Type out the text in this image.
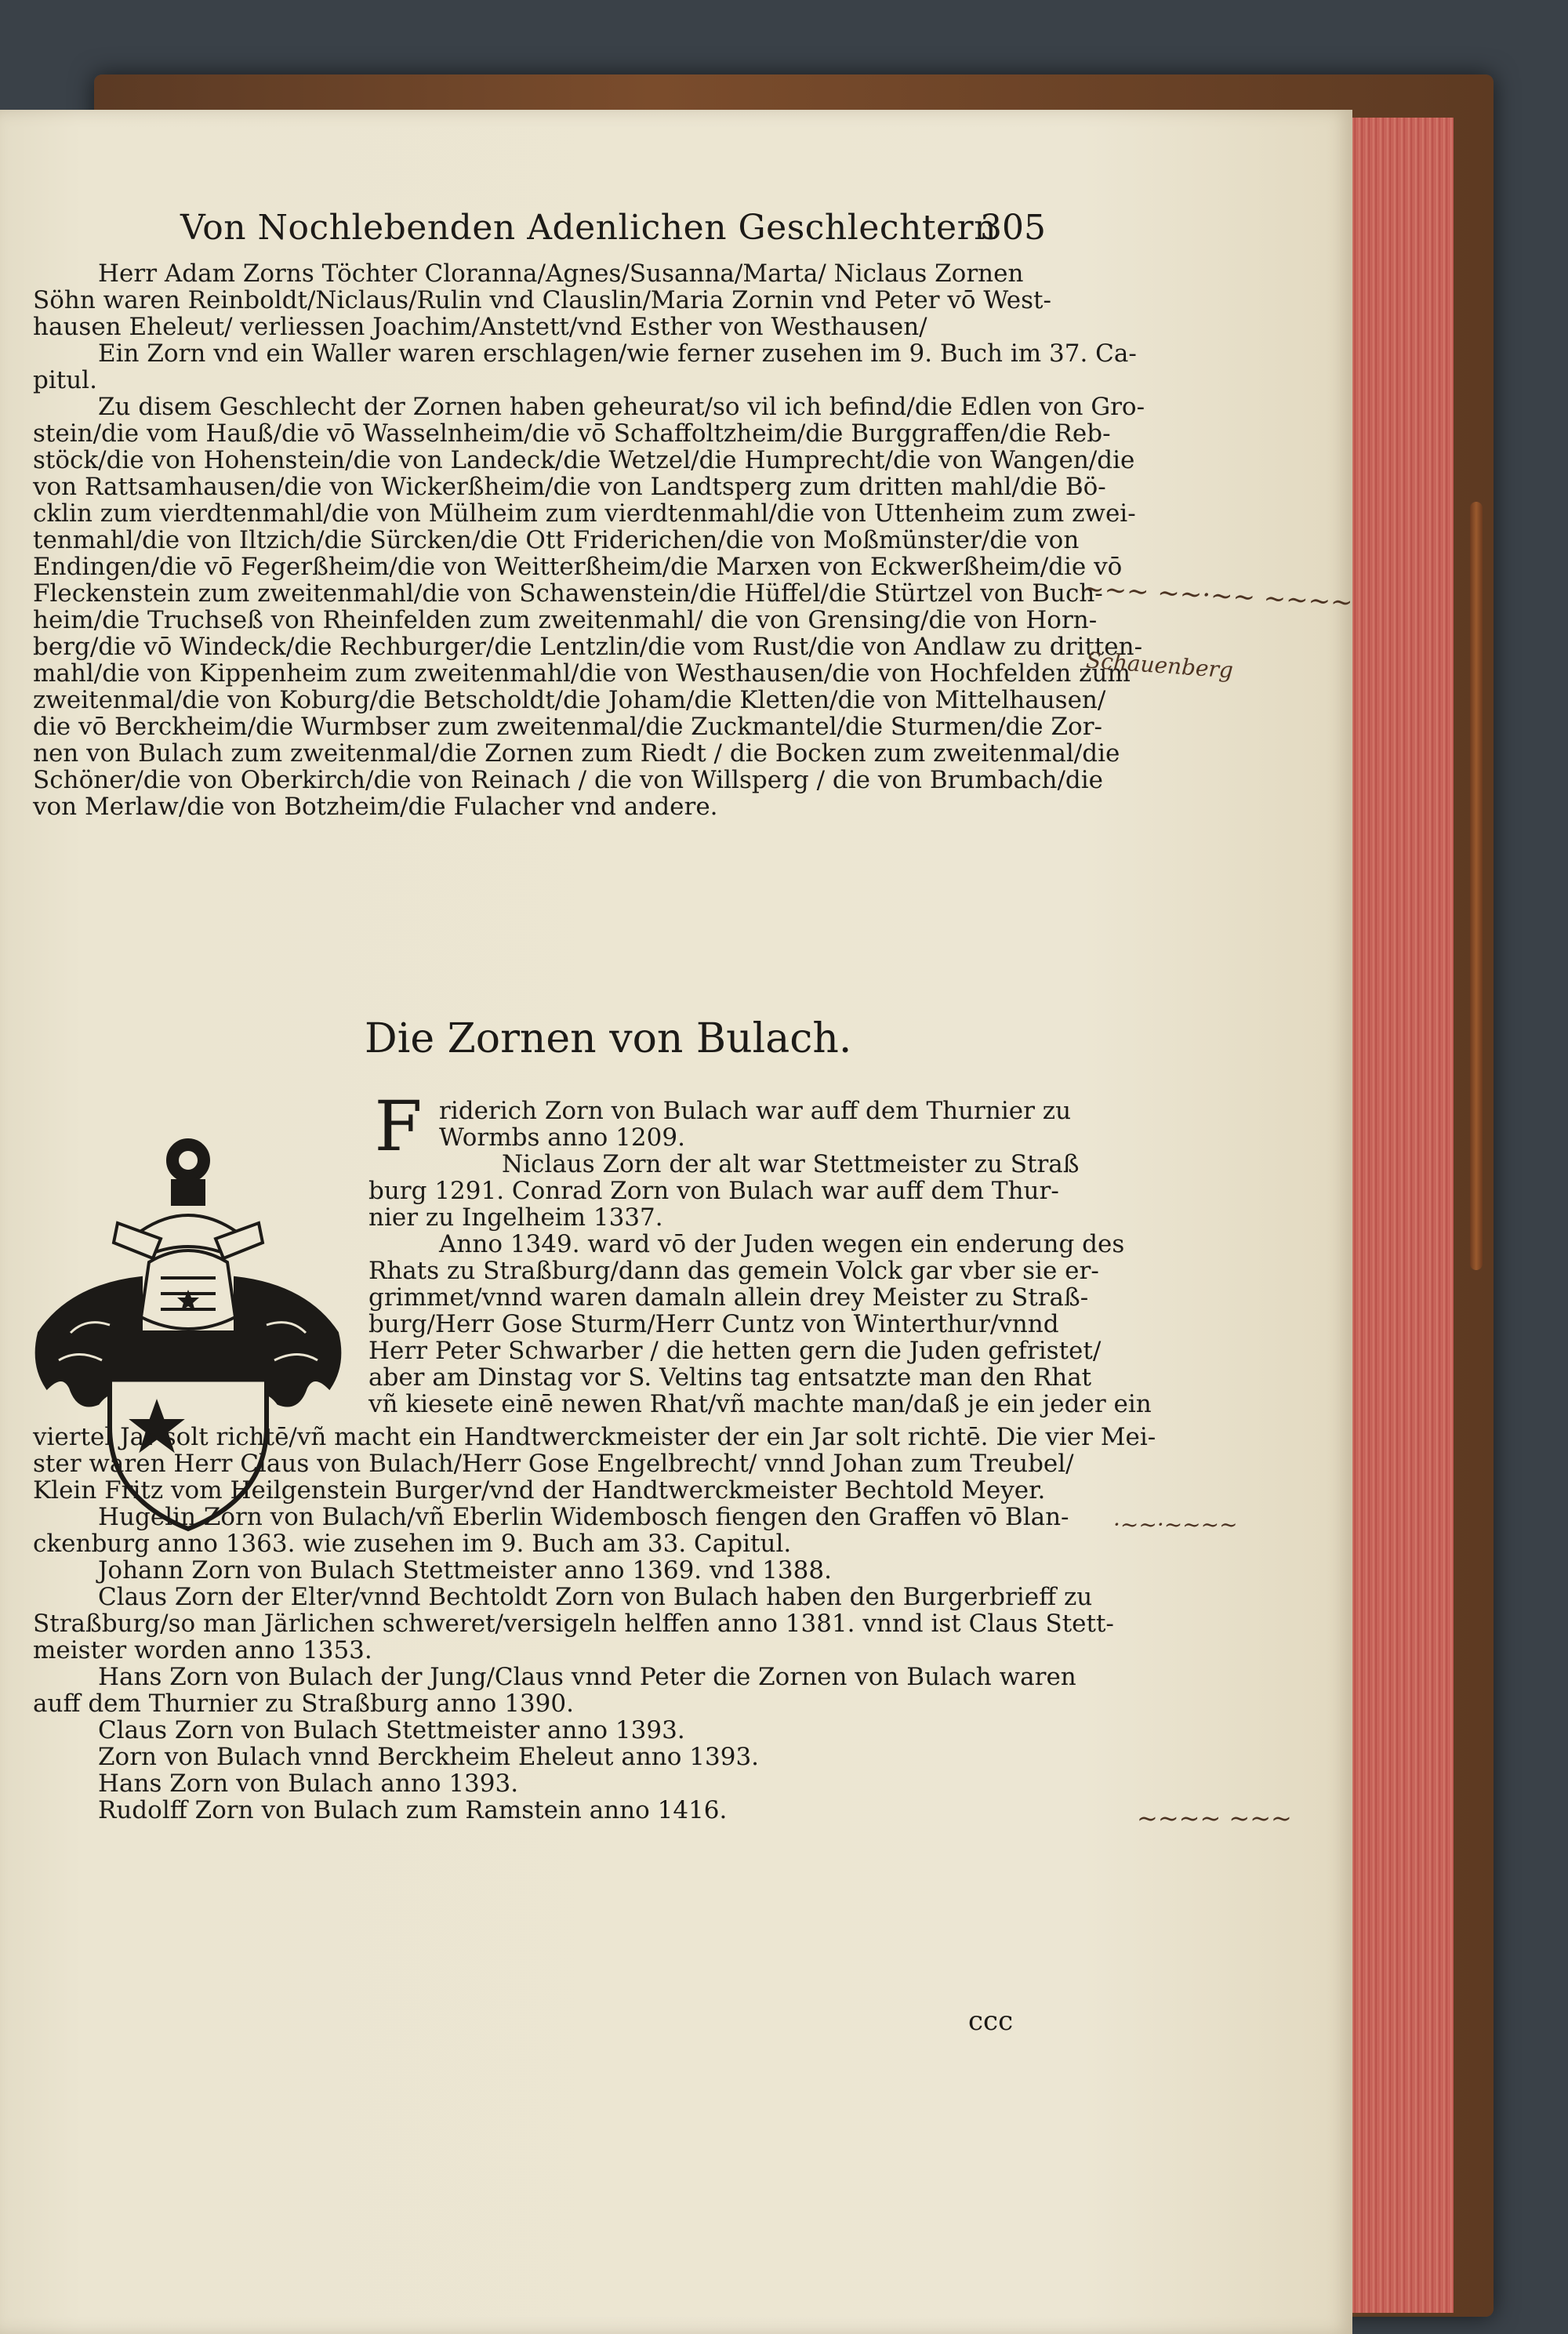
Von Nochlebenden Adenlichen Geschlechtern
305
Herr Adam Zorns Töchter Cloranna/Agnes/Susanna/Marta/ Niclaus Zornen
Söhn waren Reinboldt/Niclaus/Rulin vnd Clauslin/Maria Zornin vnd Peter vō West-
hausen Eheleut/ verliessen Joachim/Anstett/vnd Esther von Westhausen/
Ein Zorn vnd ein Waller waren erschlagen/wie ferner zusehen im 9. Buch im 37. Ca-
pitul.
Zu disem Geschlecht der Zornen haben geheurat/so vil ich befind/die Edlen von Gro-
stein/die vom Hauß/die vō Wasselnheim/die vō Schaffoltzheim/die Burggraffen/die Reb-
stöck/die von Hohenstein/die von Landeck/die Wetzel/die Humprecht/die von Wangen/die
von Rattsamhausen/die von Wickerßheim/die von Landtsperg zum dritten mahl/die Bö-
cklin zum vierdtenmahl/die von Mülheim zum vierdtenmahl/die von Uttenheim zum zwei-
tenmahl/die von Iltzich/die Sürcken/die Ott Friderichen/die von Moßmünster/die von
Endingen/die vō Fegerßheim/die von Weitterßheim/die Marxen von Eckwerßheim/die vō
Fleckenstein zum zweitenmahl/die von Schawenstein/die Hüffel/die Stürtzel von Buch-
heim/die Truchseß von Rheinfelden zum zweitenmahl/ die von Grensing/die von Horn-
berg/die vō Windeck/die Rechburger/die Lentzlin/die vom Rust/die von Andlaw zu dritten-
mahl/die von Kippenheim zum zweitenmahl/die von Westhausen/die von Hochfelden zum
zweitenmal/die von Koburg/die Betscholdt/die Joham/die Kletten/die von Mittelhausen/
die vō Berckheim/die Wurmbser zum zweitenmal/die Zuckmantel/die Sturmen/die Zor-
nen von Bulach zum zweitenmal/die Zornen zum Riedt / die Bocken zum zweitenmal/die
Schöner/die von Oberkirch/die von Reinach / die von Willsperg / die von Brumbach/die
von Merlaw/die von Botzheim/die Fulacher vnd andere.
Die Zornen von Bulach.
F riderich Zorn von Bulach war auff dem Thurnier zu
Wormbs anno 1209.
Niclaus Zorn der alt war Stettmeister zu Straß
burg 1291. Conrad Zorn von Bulach war auff dem Thur-
nier zu Ingelheim 1337.
Anno 1349. ward vō der Juden wegen ein enderung des
Rhats zu Straßburg/dann das gemein Volck gar vber sie er-
grimmet/vnnd waren damaln allein drey Meister zu Straß-
burg/Herr Gose Sturm/Herr Cuntz von Winterthur/vnnd
Herr Peter Schwarber / die hetten gern die Juden gefristet/
aber am Dinstag vor S. Veltins tag entsatzte man den Rhat
vñ kiesete einē newen Rhat/vñ machte man/daß je ein jeder ein
viertel Jar solt richtē/vñ macht ein Handtwerckmeister der ein Jar solt richtē. Die vier Mei-
ster waren Herr Claus von Bulach/Herr Gose Engelbrecht/ vnnd Johan zum Treubel/
Klein Fritz vom Heilgenstein Burger/vnd der Handtwerckmeister Bechtold Meyer.
Hugelin Zorn von Bulach/vñ Eberlin Widembosch fiengen den Graffen vō Blan-
ckenburg anno 1363. wie zusehen im 9. Buch am 33. Capitul.
Johann Zorn von Bulach Stettmeister anno 1369. vnd 1388.
Claus Zorn der Elter/vnnd Bechtoldt Zorn von Bulach haben den Burgerbrieff zu
Straßburg/so man Järlichen schweret/versigeln helffen anno 1381. vnnd ist Claus Stett-
meister worden anno 1353.
Hans Zorn von Bulach der Jung/Claus vnnd Peter die Zornen von Bulach waren
auff dem Thurnier zu Straßburg anno 1390.
Claus Zorn von Bulach Stettmeister anno 1393.
Zorn von Bulach vnnd Berckheim Eheleut anno 1393.
Hans Zorn von Bulach anno 1393.
Rudolff Zorn von Bulach zum Ramstein anno 1416.
ccc
~~~ ~~·~~ ~~~~
Schauenberg
·~~·~~~~
~~~~ ~~~
